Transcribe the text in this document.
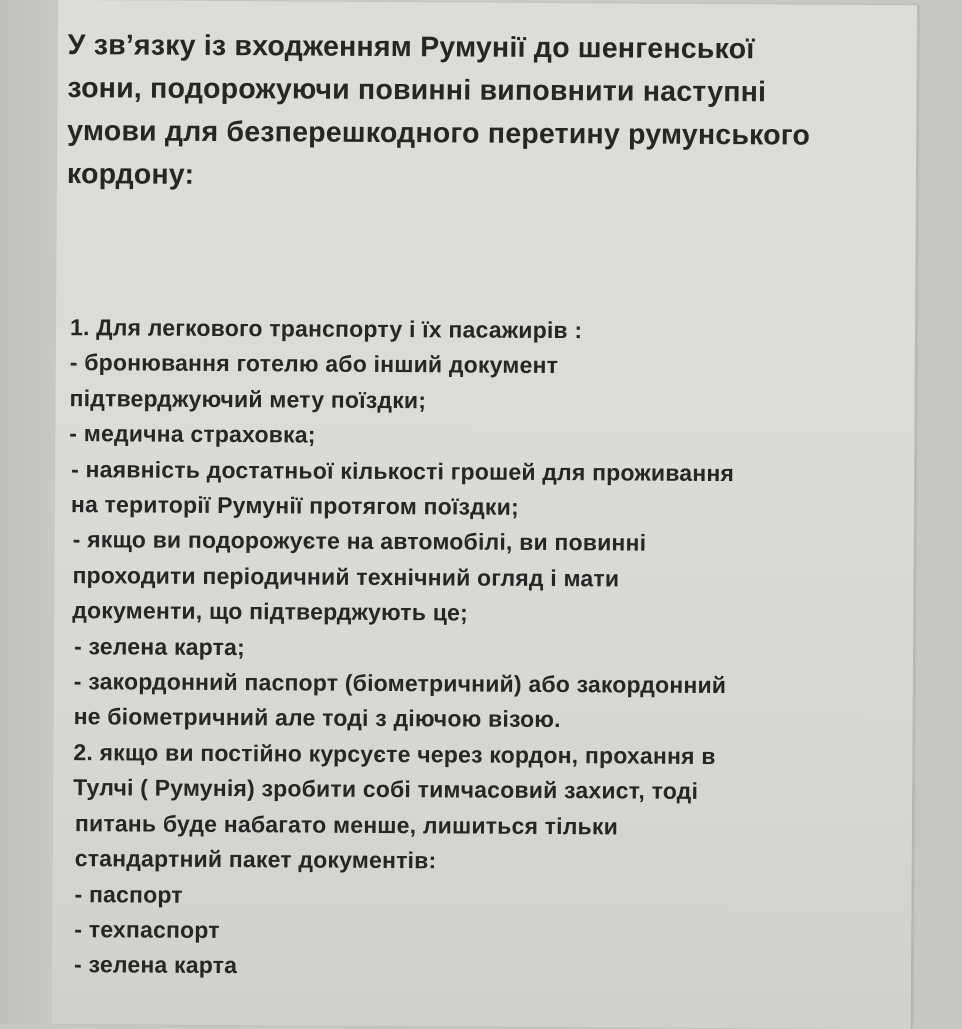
У зв’язку із входженням Румунії до шенгенської
зони, подорожуючи повинні виповнити наступні
умови для безперешкодного перетину румунського
кордону:
1. Для легкового транспорту і їх пасажирів :
- бронювання готелю або інший документ
підтверджуючий мету поїздки;
- медична страховка;
- наявність достатньої кількості грошей для проживання
на території Румунії протягом поїздки;
- якщо ви подорожуєте на автомобілі, ви повинні
проходити періодичний технічний огляд і мати
документи, що підтверджують це;
- зелена карта;
- закордонний паспорт (біометричний) або закордонний
не біометричний але тоді з діючою візою.
2. якщо ви постійно курсуєте через кордон, прохання в
Тулчі ( Румунія) зробити собі тимчасовий захист, тоді
питань буде набагато менше, лишиться тільки
стандартний пакет документів:
- паспорт
- техпаспорт
- зелена карта
